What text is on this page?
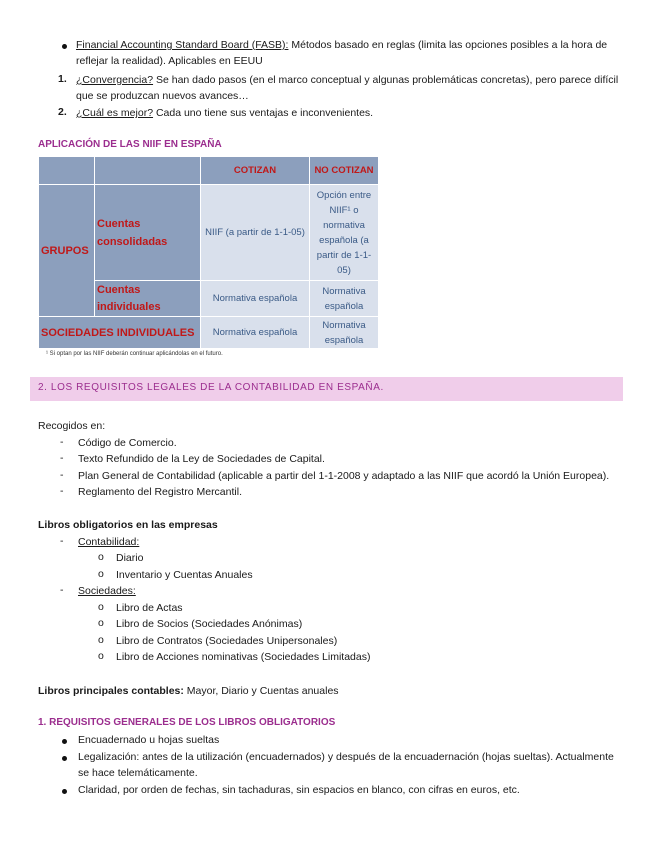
Financial Accounting Standard Board (FASB): Métodos basado en reglas (limita las opciones posibles a la hora de
reflejar la realidad). Aplicables en EEUU
1. ¿Convergencia? Se han dado pasos (en el marco conceptual y algunas problemáticas concretas), pero parece difícil
que se produzcan nuevos avances…
2. ¿Cuál es mejor? Cada uno tiene sus ventajas e inconvenientes.
APLICACIÓN DE LAS NIIF EN ESPAÑA
		COTIZAN	NO COTIZAN
GRUPOS	Cuentas consolidadas	NIIF (a partir de 1-1-05)	Opción entre NIIF¹ o normativa española (a partir de 1-1-05)
	Cuentas individuales	Normativa española	Normativa española
SOCIEDADES INDIVIDUALES		Normativa española	Normativa española
¹ Si optan por las NIIF deberán continuar aplicándolas en el futuro.
2. LOS REQUISITOS LEGALES DE LA CONTABILIDAD EN ESPAÑA.
Recogidos en:
- Código de Comercio.
- Texto Refundido de la Ley de Sociedades de Capital.
- Plan General de Contabilidad (aplicable a partir del 1-1-2008 y adaptado a las NIIF que acordó la Unión Europea).
- Reglamento del Registro Mercantil.
Libros obligatorios en las empresas
- Contabilidad:
o Diario
o Inventario y Cuentas Anuales
- Sociedades:
o Libro de Actas
o Libro de Socios (Sociedades Anónimas)
o Libro de Contratos (Sociedades Unipersonales)
o Libro de Acciones nominativas (Sociedades Limitadas)
Libros principales contables: Mayor, Diario y Cuentas anuales
1. REQUISITOS GENERALES DE LOS LIBROS OBLIGATORIOS
Encuadernado u hojas sueltas
Legalización: antes de la utilización (encuadernados) y después de la encuadernación (hojas sueltas). Actualmente
se hace telemáticamente.
Claridad, por orden de fechas, sin tachaduras, sin espacios en blanco, con cifras en euros, etc.
